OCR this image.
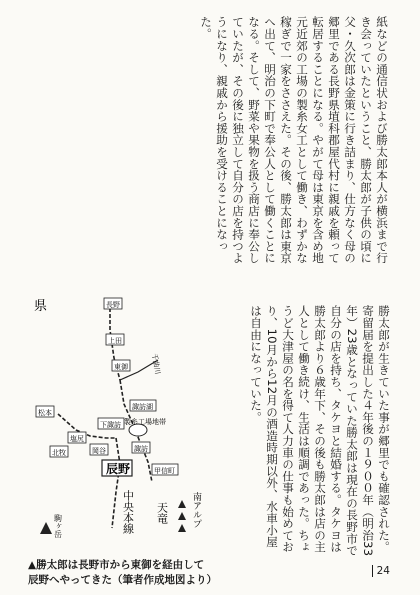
紙などの通信状および勝太郎本人が横浜まで行き会っていたということ、勝太郎が子供の頃に父・久次郎は金策に行き詰まり、仕方なく母の郷里である長野県埴科郡屋代村に親戚を頼って転居することになる。やがて母は東京を含め地元近郊の工場の製糸女工として働き、わずかな稼ぎで一家をささえた。その後、勝太郎は東京へ出て、明治の下町で奉公人として働くことになる。そして、野菜や果物を扱う商店に奉公していたが、その後に独立して自分の店を持つようになり、親戚から援助を受けることになった。
勝太郎が生きていた事が郷里でも確認された。寄留届を提出した４年後の１９００年（明治33年）23歳となっていた勝太郎は現在の長野市で自分の店を持ち、タケヨと結婚する。タケヨは勝太郎より６歳年下、その後も勝太郎は店の主人として働き続け、生活は順調であった。ちょうど大津屋の名を得て人力車の仕事も始めており、10月から12月の酒造時期以外、水車小屋は自由になっていた。
県	長野
上田
東御	千曲川
松本
塩尻
諏訪湖
下諏訪 製糸工場地帯
岡谷	諏訪
甲信町
北牧
辰野
中央本線
駒ヶ岳	南アルプ
天竜
▲勝太郎は長野市から東御を経由して
辰野へやってきた（筆者作成地図より）
24
